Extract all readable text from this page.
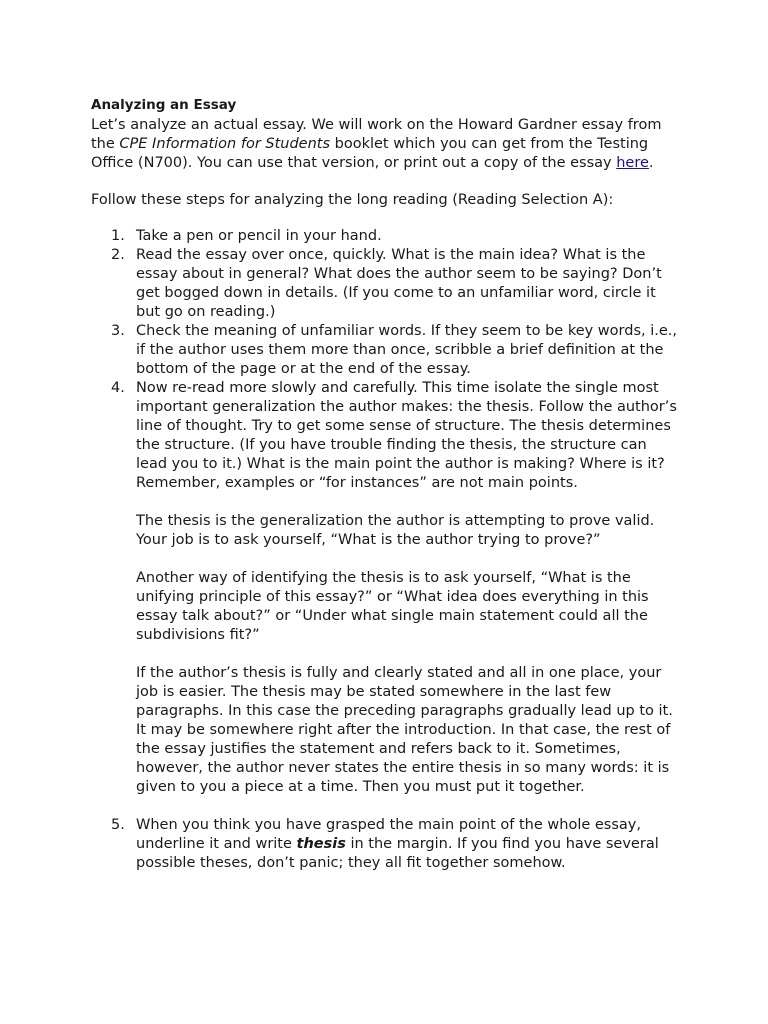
Analyzing an Essay

Let’s analyze an actual essay. We will work on the Howard Gardner essay from the CPE Information for Students booklet which you can get from the Testing Office (N700). You can use that version, or print out a copy of the essay here.

Follow these steps for analyzing the long reading (Reading Selection A):

1. Take a pen or pencil in your hand.
2. Read the essay over once, quickly. What is the main idea? What is the essay about in general? What does the author seem to be saying? Don’t get bogged down in details. (If you come to an unfamiliar word, circle it but go on reading.)
3. Check the meaning of unfamiliar words. If they seem to be key words, i.e., if the author uses them more than once, scribble a brief definition at the bottom of the page or at the end of the essay.
4. Now re-read more slowly and carefully. This time isolate the single most important generalization the author makes: the thesis. Follow the author’s line of thought. Try to get some sense of structure. The thesis determines the structure. (If you have trouble finding the thesis, the structure can lead you to it.) What is the main point the author is making? Where is it? Remember, examples or “for instances” are not main points.
The thesis is the generalization the author is attempting to prove valid. Your job is to ask yourself, “What is the author trying to prove?”
Another way of identifying the thesis is to ask yourself, “What is the unifying principle of this essay?” or “What idea does everything in this essay talk about?” or “Under what single main statement could all the subdivisions fit?”
If the author’s thesis is fully and clearly stated and all in one place, your job is easier. The thesis may be stated somewhere in the last few paragraphs. In this case the preceding paragraphs gradually lead up to it. It may be somewhere right after the introduction. In that case, the rest of the essay justifies the statement and refers back to it. Sometimes, however, the author never states the entire thesis in so many words: it is given to you a piece at a time. Then you must put it together.
5. When you think you have grasped the main point of the whole essay, underline it and write thesis in the margin. If you find you have several possible theses, don’t panic; they all fit together somehow.
